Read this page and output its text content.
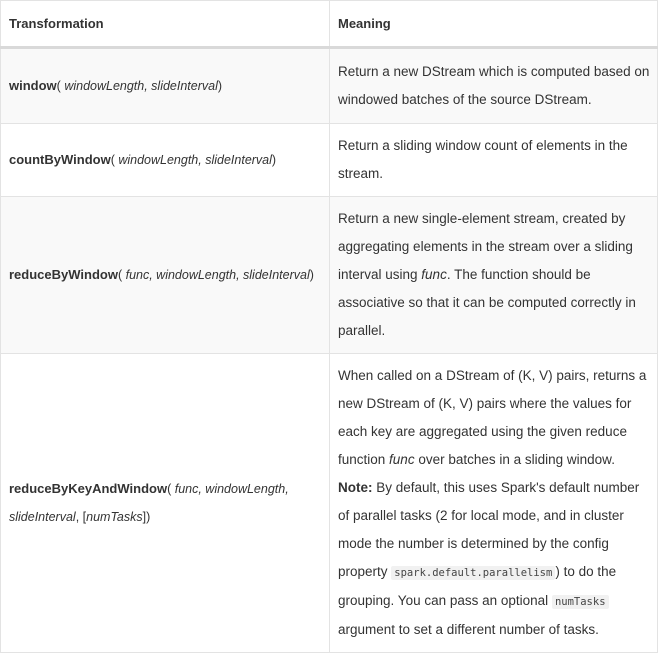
Transformation	Meaning
window( windowLength, slideInterval)	Return a new DStream which is computed based on windowed batches of the source DStream.
countByWindow( windowLength, slideInterval)	Return a sliding window count of elements in the stream.
reduceByWindow( func, windowLength, slideInterval)	Return a new single-element stream, created by aggregating elements in the stream over a sliding interval using func. The function should be associative so that it can be computed correctly in parallel.
reduceByKeyAndWindow( func, windowLength, slideInterval, [numTasks])	When called on a DStream of (K, V) pairs, returns a new DStream of (K, V) pairs where the values for each key are aggregated using the given reduce function func over batches in a sliding window. Note: By default, this uses Spark's default number of parallel tasks (2 for local mode, and in cluster mode the number is determined by the config property spark.default.parallelism ) to do the grouping. You can pass an optional numTasks argument to set a different number of tasks.
